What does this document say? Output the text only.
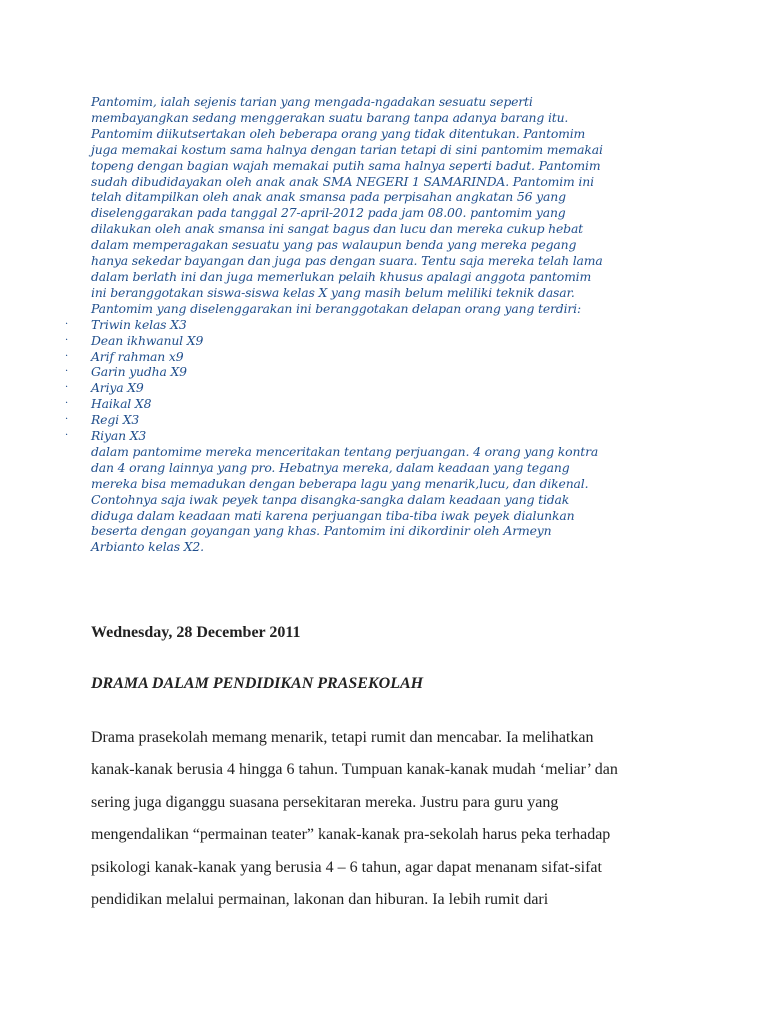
Pantomim, ialah sejenis tarian yang mengada-ngadakan sesuatu seperti
membayangkan sedang menggerakan suatu barang tanpa adanya barang itu.
Pantomim diikutsertakan oleh beberapa orang yang tidak ditentukan. Pantomim
juga memakai kostum sama halnya dengan tarian tetapi di sini pantomim memakai
topeng dengan bagian wajah memakai putih sama halnya seperti badut. Pantomim
sudah dibudidayakan oleh anak anak SMA NEGERI 1 SAMARINDA. Pantomim ini
telah ditampilkan oleh anak anak smansa pada perpisahan angkatan 56 yang
diselenggarakan pada tanggal 27-april-2012 pada jam 08.00. pantomim yang
dilakukan oleh anak smansa ini sangat bagus dan lucu dan mereka cukup hebat
dalam memperagakan sesuatu yang pas walaupun benda yang mereka pegang
hanya sekedar bayangan dan juga pas dengan suara. Tentu saja mereka telah lama
dalam berlath ini dan juga memerlukan pelaih khusus apalagi anggota pantomim
ini beranggotakan siswa-siswa kelas X yang masih belum meliliki teknik dasar.
Pantomim yang diselenggarakan ini beranggotakan delapan orang yang terdiri:

· Triwin kelas X3
· Dean ikhwanul X9
· Arif rahman x9
· Garin yudha X9
· Ariya X9
· Haikal X8
· Regi X3
· Riyan X3

dalam pantomime mereka menceritakan tentang perjuangan. 4 orang yang kontra
dan 4 orang lainnya yang pro. Hebatnya mereka, dalam keadaan yang tegang
mereka bisa memadukan dengan beberapa lagu yang menarik,lucu, dan dikenal.
Contohnya saja iwak peyek tanpa disangka-sangka dalam keadaan yang tidak
diduga dalam keadaan mati karena perjuangan tiba-tiba iwak peyek dialunkan
beserta dengan goyangan yang khas. Pantomim ini dikordinir oleh Armeyn
Arbianto kelas X2.

Wednesday, 28 December 2011
DRAMA DALAM PENDIDIKAN PRASEKOLAH

Drama prasekolah memang menarik, tetapi rumit dan mencabar. Ia melihatkan
kanak-kanak berusia 4 hingga 6 tahun. Tumpuan kanak-kanak mudah ‘meliar’ dan
sering juga diganggu suasana persekitaran mereka. Justru para guru yang
mengendalikan “permainan teater” kanak-kanak pra-sekolah harus peka terhadap
psikologi kanak-kanak yang berusia 4 – 6 tahun, agar dapat menanam sifat-sifat
pendidikan melalui permainan, lakonan dan hiburan. Ia lebih rumit dari
